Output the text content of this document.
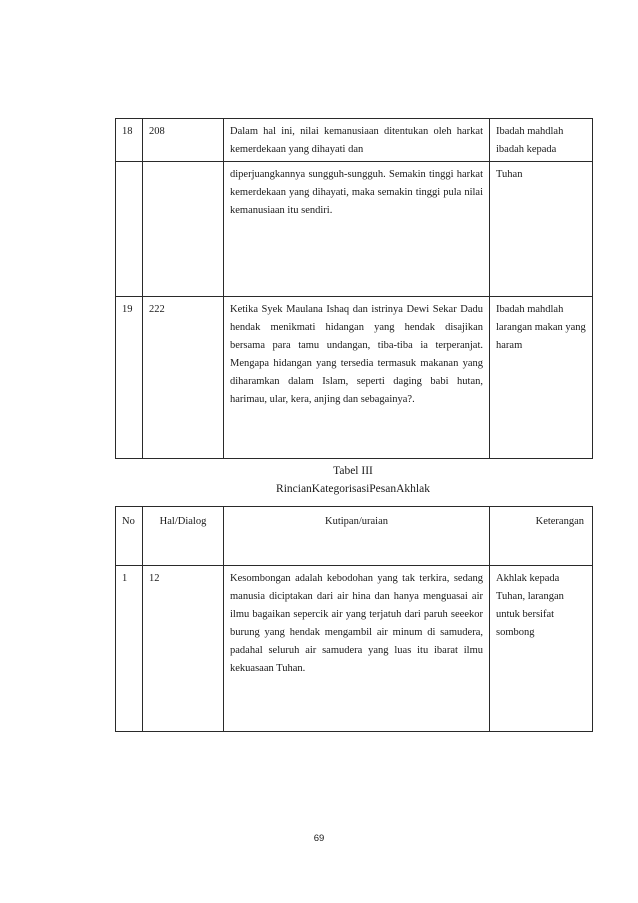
18	208	Dalam hal ini, nilai kemanusiaan ditentukan oleh harkat kemerdekaan yang dihayati dan	Ibadah mahdlah ibadah kepada

		diperjuangkannya sungguh-sungguh. Semakin tinggi harkat kemerdekaan yang dihayati, maka semakin tinggi pula nilai kemanusiaan itu sendiri.	Tuhan

19	222	Ketika Syek Maulana Ishaq dan istrinya Dewi Sekar Dadu hendak menikmati hidangan yang hendak disajikan bersama para tamu undangan, tiba-tiba ia terperanjat. Mengapa hidangan yang tersedia termasuk makanan yang diharamkan dalam Islam, seperti daging babi hutan, harimau, ular, kera, anjing dan sebagainya?.	Ibadah mahdlah larangan makan yang haram
Tabel III
RincianKategorisasiPesanAkhlak
No	Hal/Dialog	Kutipan/uraian	Keterangan

1	12	Kesombongan adalah kebodohan yang tak terkira, sedang manusia diciptakan dari air hina dan hanya menguasai air ilmu bagaikan sepercik air yang terjatuh dari paruh seeekor burung yang hendak mengambil air minum di samudera, padahal seluruh air samudera yang luas itu ibarat ilmu kekuasaan Tuhan.	Akhlak kepada Tuhan, larangan untuk bersifat sombong
69
